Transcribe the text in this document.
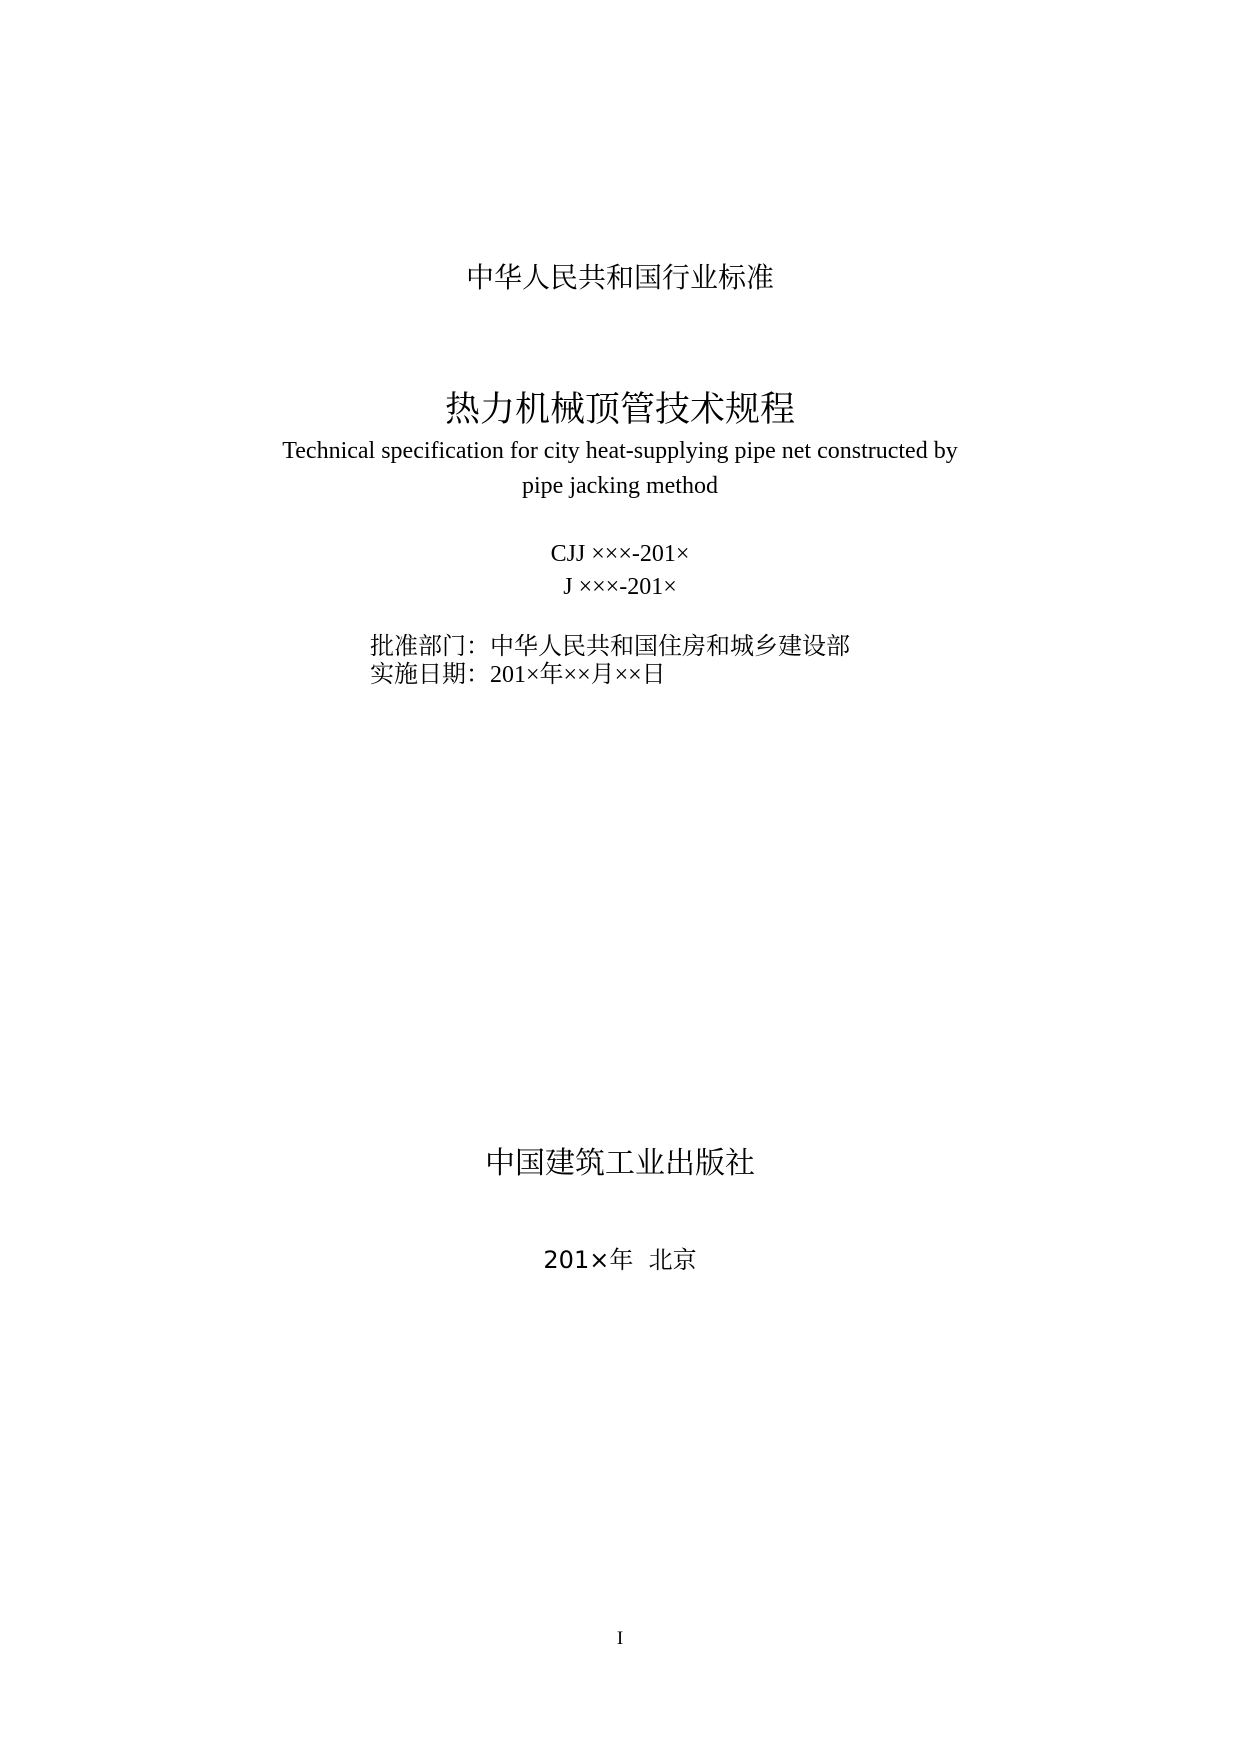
中华人民共和国行业标准
热力机械顶管技术规程
Technical specification for city heat-supplying pipe net constructed by
pipe jacking method
CJJ ×××-201×
J ×××-201×
批准部门：中华人民共和国住房和城乡建设部
实施日期：201×年××月××日
中国建筑工业出版社
201×年  北京
I
